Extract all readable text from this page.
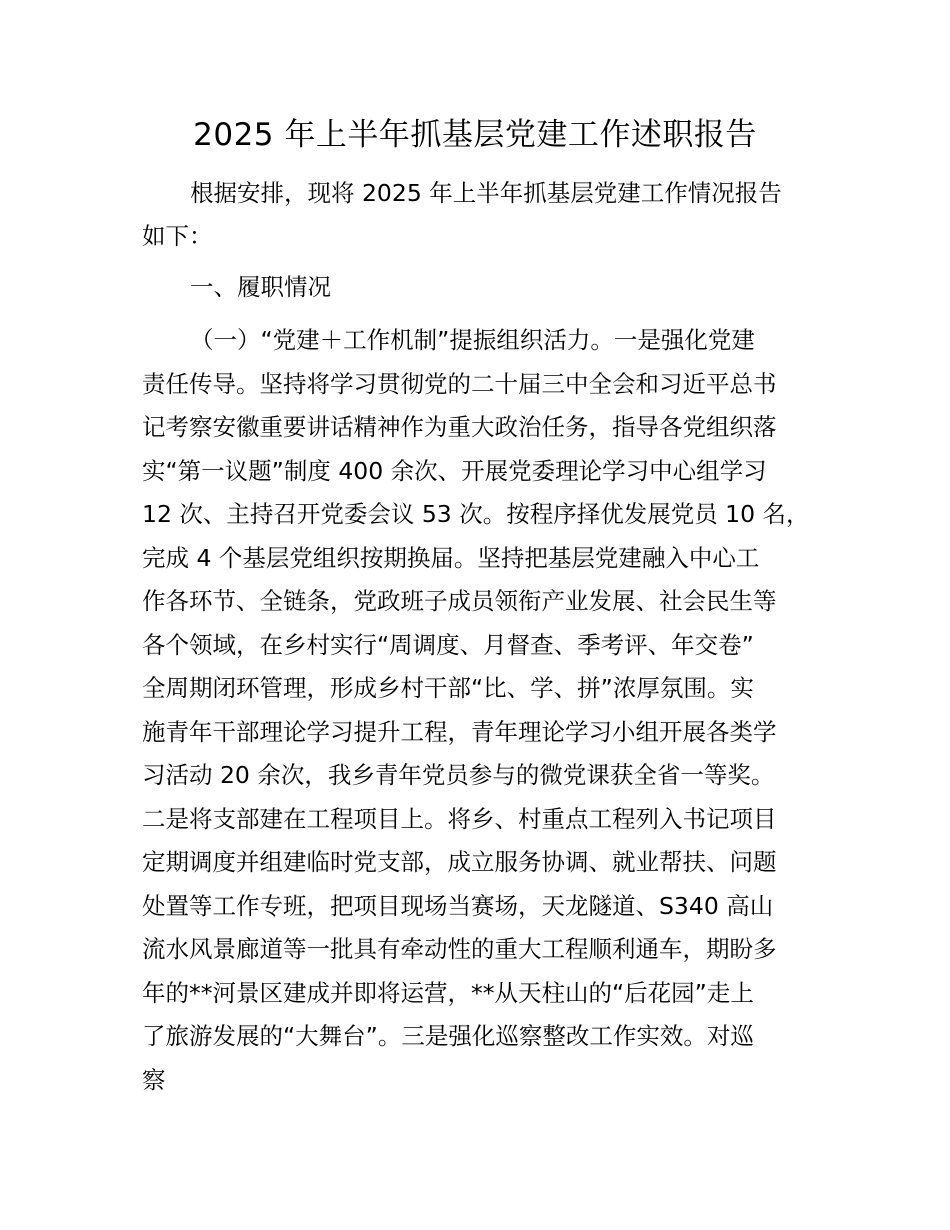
2025 年上半年抓基层党建工作述职报告

根据安排，现将 2025 年上半年抓基层党建工作情况报告

如下：

一、履职情况

（一）“党建＋工作机制”提振组织活力。一是强化党建

责任传导。坚持将学习贯彻党的二十届三中全会和习近平总书

记考察安徽重要讲话精神作为重大政治任务，指导各党组织落

实“第一议题”制度 400 余次、开展党委理论学习中心组学习

12 次、主持召开党委会议 53 次。按程序择优发展党员 10 名，

完成 4 个基层党组织按期换届。坚持把基层党建融入中心工

作各环节、全链条，党政班子成员领衔产业发展、社会民生等

各个领域，在乡村实行“周调度、月督查、季考评、年交卷”

全周期闭环管理，形成乡村干部“比、学、拼”浓厚氛围。实

施青年干部理论学习提升工程，青年理论学习小组开展各类学

习活动 20 余次，我乡青年党员参与的微党课获全省一等奖。

二是将支部建在工程项目上。将乡、村重点工程列入书记项目

定期调度并组建临时党支部，成立服务协调、就业帮扶、问题

处置等工作专班，把项目现场当赛场，天龙隧道、S340 高山

流水风景廊道等一批具有牵动性的重大工程顺利通车，期盼多

年的**河景区建成并即将运营，**从天柱山的“后花园”走上

了旅游发展的“大舞台”。三是强化巡察整改工作实效。对巡

察
